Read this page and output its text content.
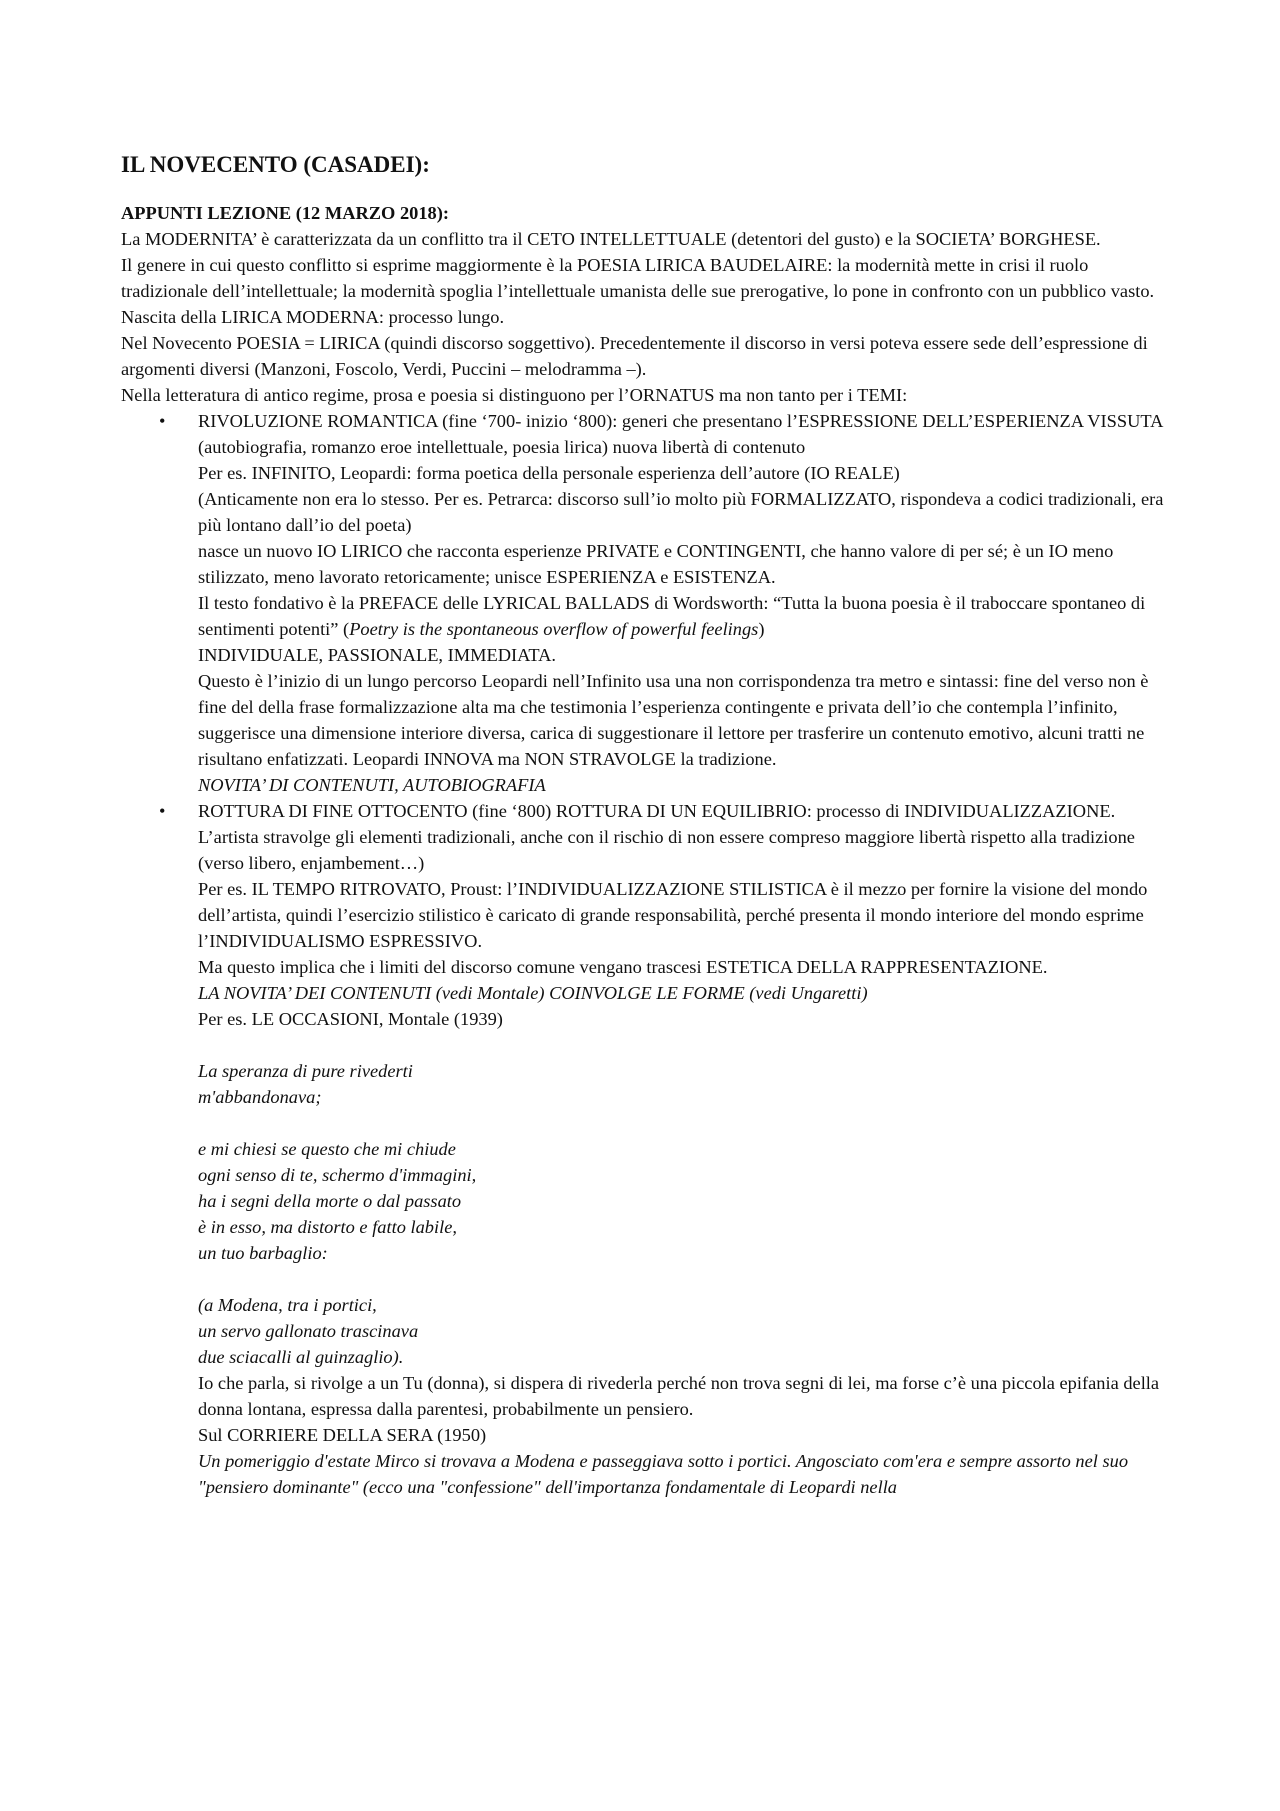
IL NOVECENTO (CASADEI):

APPUNTI LEZIONE (12 MARZO 2018):

La MODERNITA’ è caratterizzata da un conflitto tra il CETO INTELLETTUALE (detentori del gusto) e la SOCIETA’ BORGHESE.

Il genere in cui questo conflitto si esprime maggiormente è la POESIA LIRICA BAUDELAIRE: la modernità mette in crisi il ruolo tradizionale dell’intellettuale; la modernità spoglia l’intellettuale umanista delle sue prerogative, lo pone in confronto con un pubblico vasto.

Nascita della LIRICA MODERNA: processo lungo.

Nel Novecento POESIA = LIRICA (quindi discorso soggettivo). Precedentemente il discorso in versi poteva essere sede dell’espressione di argomenti diversi (Manzoni, Foscolo, Verdi, Puccini – melodramma –).

Nella letteratura di antico regime, prosa e poesia si distinguono per l’ORNATUS ma non tanto per i TEMI:

• RIVOLUZIONE ROMANTICA (fine ‘700- inizio ‘800): generi che presentano l’ESPRESSIONE DELL’ESPERIENZA VISSUTA (autobiografia, romanzo eroe intellettuale, poesia lirica) nuova libertà di contenuto

Per es. INFINITO, Leopardi: forma poetica della personale esperienza dell’autore (IO REALE)

(Anticamente non era lo stesso. Per es. Petrarca: discorso sull’io molto più FORMALIZZATO, rispondeva a codici tradizionali, era più lontano dall’io del poeta)

nasce un nuovo IO LIRICO che racconta esperienze PRIVATE e CONTINGENTI, che hanno valore di per sé; è un IO meno stilizzato, meno lavorato retoricamente; unisce ESPERIENZA e ESISTENZA.

Il testo fondativo è la PREFACE delle LYRICAL BALLADS di Wordsworth: “Tutta la buona poesia è il traboccare spontaneo di sentimenti potenti” (Poetry is the spontaneous overflow of powerful feelings)

INDIVIDUALE, PASSIONALE, IMMEDIATA.

Questo è l’inizio di un lungo percorso Leopardi nell’Infinito usa una non corrispondenza tra metro e sintassi: fine del verso non è fine del della frase formalizzazione alta ma che testimonia l’esperienza contingente e privata dell’io che contempla l’infinito, suggerisce una dimensione interiore diversa, carica di suggestionare il lettore per trasferire un contenuto emotivo, alcuni tratti ne risultano enfatizzati. Leopardi INNOVA ma NON STRAVOLGE la tradizione.

NOVITA’ DI CONTENUTI, AUTOBIOGRAFIA

• ROTTURA DI FINE OTTOCENTO (fine ‘800) ROTTURA DI UN EQUILIBRIO: processo di INDIVIDUALIZZAZIONE.

L’artista stravolge gli elementi tradizionali, anche con il rischio di non essere compreso maggiore libertà rispetto alla tradizione (verso libero, enjambement…)

Per es. IL TEMPO RITROVATO, Proust: l’INDIVIDUALIZZAZIONE STILISTICA è il mezzo per fornire la visione del mondo dell’artista, quindi l’esercizio stilistico è caricato di grande responsabilità, perché presenta il mondo interiore del mondo esprime l’INDIVIDUALISMO ESPRESSIVO.

Ma questo implica che i limiti del discorso comune vengano trascesi ESTETICA DELLA RAPPRESENTAZIONE.

LA NOVITA’ DEI CONTENUTI (vedi Montale) COINVOLGE LE FORME (vedi Ungaretti)

Per es. LE OCCASIONI, Montale (1939)

La speranza di pure rivederti

m'abbandonava;

e mi chiesi se questo che mi chiude

ogni senso di te, schermo d'immagini,

ha i segni della morte o dal passato

è in esso, ma distorto e fatto labile,

un tuo barbaglio:

(a Modena, tra i portici,

un servo gallonato trascinava

due sciacalli al guinzaglio).

Io che parla, si rivolge a un Tu (donna), si dispera di rivederla perché non trova segni di lei, ma forse c’è una piccola epifania della donna lontana, espressa dalla parentesi, probabilmente un pensiero.

Sul CORRIERE DELLA SERA (1950)

Un pomeriggio d'estate Mirco si trovava a Modena e passeggiava sotto i portici. Angosciato com'era e sempre assorto nel suo "pensiero dominante" (ecco una "confessione" dell'importanza fondamentale di Leopardi nella
